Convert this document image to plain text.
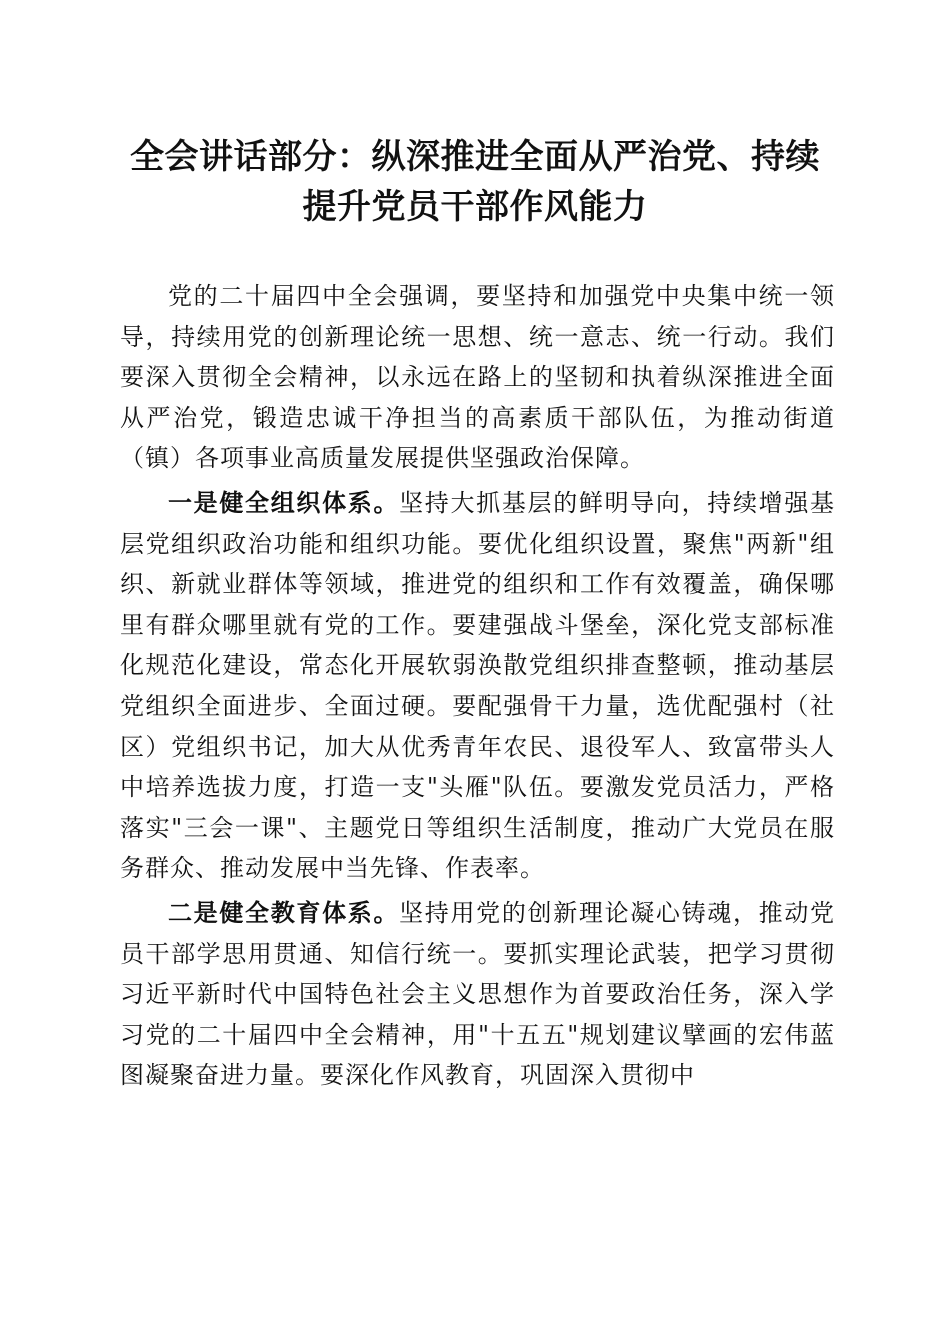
全会讲话部分：纵深推进全面从严治党、持续
提升党员干部作风能力

党的二十届四中全会强调，要坚持和加强党中央集中统一领导，持续用党的创新理论统一思想、统一意志、统一行动。我们要深入贯彻全会精神，以永远在路上的坚韧和执着纵深推进全面从严治党，锻造忠诚干净担当的高素质干部队伍，为推动街道（镇）各项事业高质量发展提供坚强政治保障。

一是健全组织体系。坚持大抓基层的鲜明导向，持续增强基层党组织政治功能和组织功能。要优化组织设置，聚焦"两新"组织、新就业群体等领域，推进党的组织和工作有效覆盖，确保哪里有群众哪里就有党的工作。要建强战斗堡垒，深化党支部标准化规范化建设，常态化开展软弱涣散党组织排查整顿，推动基层党组织全面进步、全面过硬。要配强骨干力量，选优配强村（社区）党组织书记，加大从优秀青年农民、退役军人、致富带头人中培养选拔力度，打造一支"头雁"队伍。要激发党员活力，严格落实"三会一课"、主题党日等组织生活制度，推动广大党员在服务群众、推动发展中当先锋、作表率。

二是健全教育体系。坚持用党的创新理论凝心铸魂，推动党员干部学思用贯通、知信行统一。要抓实理论武装，把学习贯彻习近平新时代中国特色社会主义思想作为首要政治任务，深入学习党的二十届四中全会精神，用"十五五"规划建议擘画的宏伟蓝图凝聚奋进力量。要深化作风教育，巩固深入贯彻中
